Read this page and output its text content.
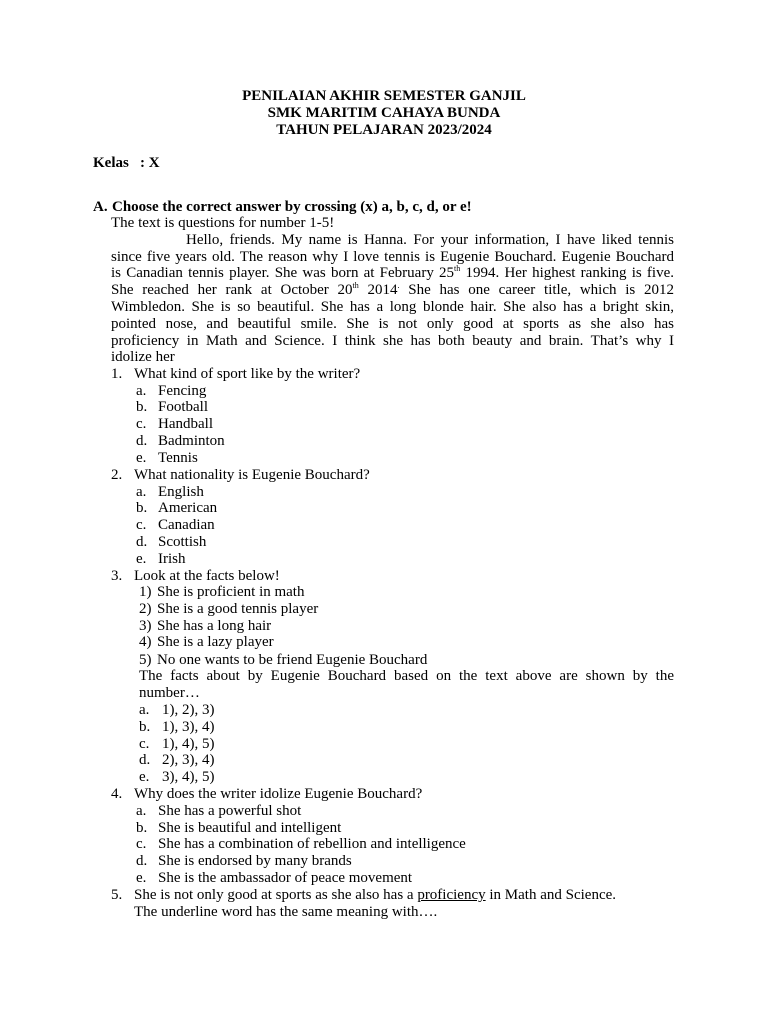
PENILAIAN AKHIR SEMESTER GANJIL
SMK MARITIM CAHAYA BUNDA
TAHUN PELAJARAN 2023/2024
Kelas : X
A. Choose the correct answer by crossing (x) a, b, c, d, or e!
The text is questions for number 1-5!
Hello, friends. My name is Hanna. For your information, I have liked tennis
since five years old. The reason why I love tennis is Eugenie Bouchard. Eugenie Bouchard
is Canadian tennis player. She was born at February 25th 1994. Her highest ranking is five.
She reached her rank at October 20th 2014. She has one career title, which is 2012
Wimbledon. She is so beautiful. She has a long blonde hair. She also has a bright skin,
pointed nose, and beautiful smile. She is not only good at sports as she also has
proficiency in Math and Science. I think she has both beauty and brain. That’s why I
idolize her
1. What kind of sport like by the writer?
a. Fencing
b. Football
c. Handball
d. Badminton
e. Tennis
2. What nationality is Eugenie Bouchard?
a. English
b. American
c. Canadian
d. Scottish
e. Irish
3. Look at the facts below!
1) She is proficient in math
2) She is a good tennis player
3) She has a long hair
4) She is a lazy player
5) No one wants to be friend Eugenie Bouchard
The facts about by Eugenie Bouchard based on the text above are shown by the
number…
a. 1), 2), 3)
b. 1), 3), 4)
c. 1), 4), 5)
d. 2), 3), 4)
e. 3), 4), 5)
4. Why does the writer idolize Eugenie Bouchard?
a. She has a powerful shot
b. She is beautiful and intelligent
c. She has a combination of rebellion and intelligence
d. She is endorsed by many brands
e. She is the ambassador of peace movement
5. She is not only good at sports as she also has a proficiency in Math and Science.
The underline word has the same meaning with….
